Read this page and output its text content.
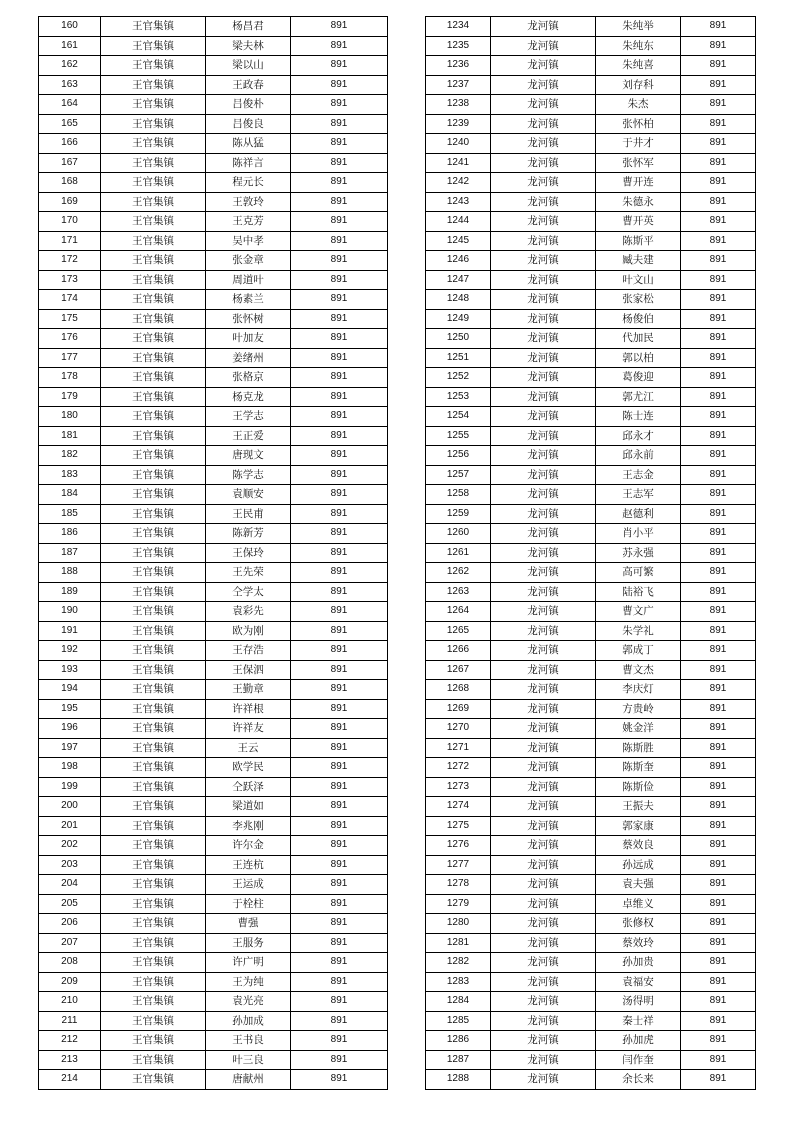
160	王官集镇	杨昌君	891
161	王官集镇	梁夫林	891
162	王官集镇	梁以山	891
163	王官集镇	王政春	891
164	王官集镇	吕俊朴	891
165	王官集镇	吕俊良	891
166	王官集镇	陈从猛	891
167	王官集镇	陈祥言	891
168	王官集镇	程元长	891
169	王官集镇	王敦玲	891
170	王官集镇	王克芳	891
171	王官集镇	吴中孝	891
172	王官集镇	张金章	891
173	王官集镇	周道叶	891
174	王官集镇	杨素兰	891
175	王官集镇	张怀树	891
176	王官集镇	叶加友	891
177	王官集镇	姜绪州	891
178	王官集镇	张格京	891
179	王官集镇	杨克龙	891
180	王官集镇	王学志	891
181	王官集镇	王正爱	891
182	王官集镇	唐现文	891
183	王官集镇	陈学志	891
184	王官集镇	袁顺安	891
185	王官集镇	王民甫	891
186	王官集镇	陈新芳	891
187	王官集镇	王保玲	891
188	王官集镇	王先荣	891
189	王官集镇	仝学太	891
190	王官集镇	袁彩先	891
191	王官集镇	欧为刚	891
192	王官集镇	王存浩	891
193	王官集镇	王保泗	891
194	王官集镇	王勤章	891
195	王官集镇	许祥根	891
196	王官集镇	许祥友	891
197	王官集镇	王云	891
198	王官集镇	欧学民	891
199	王官集镇	仝跃泽	891
200	王官集镇	梁道如	891
201	王官集镇	李兆刚	891
202	王官集镇	许尔金	891
203	王官集镇	王连杭	891
204	王官集镇	王运成	891
205	王官集镇	于栓柱	891
206	王官集镇	曹强	891
207	王官集镇	王服务	891
208	王官集镇	许广明	891
209	王官集镇	王为纯	891
210	王官集镇	袁光亮	891
211	王官集镇	孙加成	891
212	王官集镇	王书良	891
213	王官集镇	叶三良	891
214	王官集镇	唐献州	891
1234	龙河镇	朱纯举	891
1235	龙河镇	朱纯东	891
1236	龙河镇	朱纯喜	891
1237	龙河镇	刘存科	891
1238	龙河镇	朱杰	891
1239	龙河镇	张怀柏	891
1240	龙河镇	于井才	891
1241	龙河镇	张怀军	891
1242	龙河镇	曹开连	891
1243	龙河镇	朱德永	891
1244	龙河镇	曹开英	891
1245	龙河镇	陈斯平	891
1246	龙河镇	臧夫建	891
1247	龙河镇	叶文山	891
1248	龙河镇	张家松	891
1249	龙河镇	杨俊伯	891
1250	龙河镇	代加民	891
1251	龙河镇	郭以柏	891
1252	龙河镇	葛俊迎	891
1253	龙河镇	郭尤江	891
1254	龙河镇	陈士连	891
1255	龙河镇	邱永才	891
1256	龙河镇	邱永前	891
1257	龙河镇	王志金	891
1258	龙河镇	王志军	891
1259	龙河镇	赵德利	891
1260	龙河镇	肖小平	891
1261	龙河镇	苏永强	891
1262	龙河镇	高可繁	891
1263	龙河镇	陆裕飞	891
1264	龙河镇	曹文广	891
1265	龙河镇	朱学礼	891
1266	龙河镇	郭成丁	891
1267	龙河镇	曹文杰	891
1268	龙河镇	李庆灯	891
1269	龙河镇	方贵岭	891
1270	龙河镇	姚金洋	891
1271	龙河镇	陈斯胜	891
1272	龙河镇	陈斯奎	891
1273	龙河镇	陈斯俭	891
1274	龙河镇	王振夫	891
1275	龙河镇	郭家康	891
1276	龙河镇	蔡效良	891
1277	龙河镇	孙远成	891
1278	龙河镇	袁夫强	891
1279	龙河镇	卓维义	891
1280	龙河镇	张修权	891
1281	龙河镇	蔡效玲	891
1282	龙河镇	孙加贵	891
1283	龙河镇	袁福安	891
1284	龙河镇	汤得明	891
1285	龙河镇	秦士祥	891
1286	龙河镇	孙加虎	891
1287	龙河镇	闫作奎	891
1288	龙河镇	余长来	891
